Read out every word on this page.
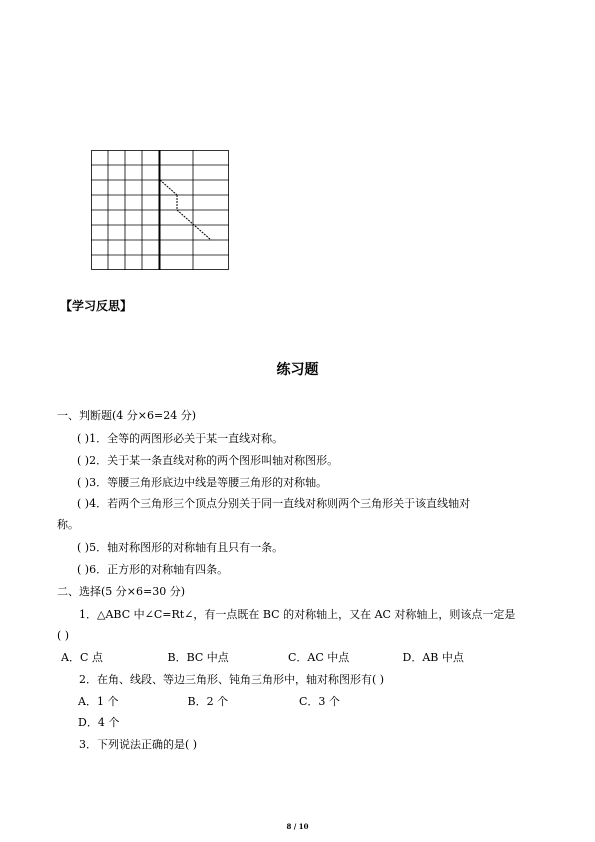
【学习反思】
练习题
一、判断题(4 分×6=24 分)
( )1．全等的两图形必关于某一直线对称。
( )2．关于某一条直线对称的两个图形叫轴对称图形。
( )3．等腰三角形底边中线是等腰三角形的对称轴。
( )4．若两个三角形三个顶点分别关于同一直线对称则两个三角形关于该直线轴对
称。
( )5．轴对称图形的对称轴有且只有一条。
( )6．正方形的对称轴有四条。
二、选择(5 分×6=30 分)
1．△ABC 中∠C=Rt∠，有一点既在 BC 的对称轴上，又在 AC 对称轴上，则该点一定是
( )
A．C 点	B．BC 中点	C．AC 中点	D．AB 中点
2．在角、线段、等边三角形、钝角三角形中，轴对称图形有( )
A．1 个	B．2 个	C．3 个
D．4 个
3．下列说法正确的是( )
8 / 10
